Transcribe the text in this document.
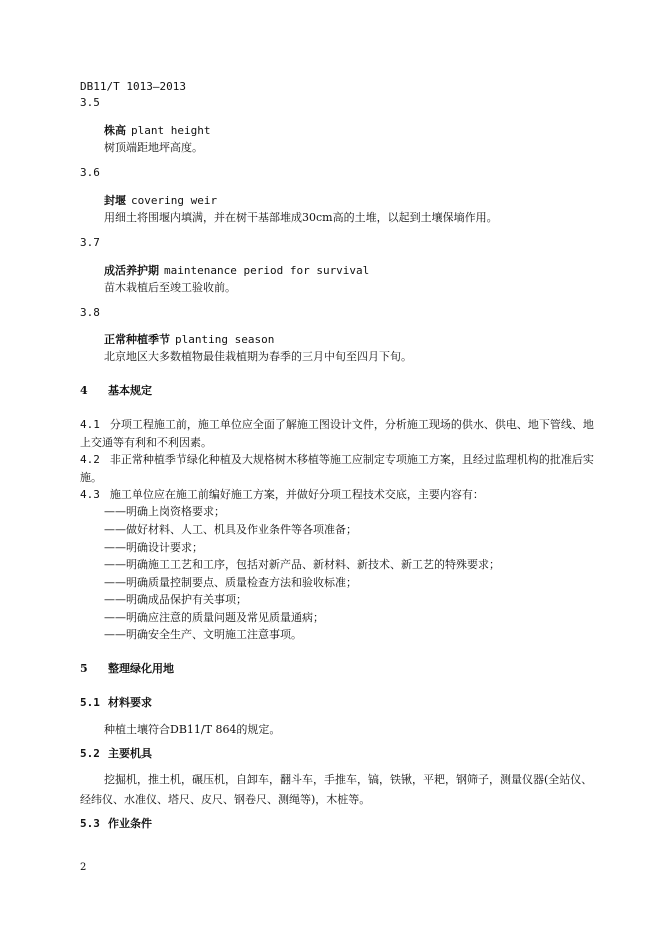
DB11/T 1013—2013
3.5
株高 plant height
树顶端距地坪高度。
3.6
封堰 covering weir
用细土将围堰内填满，并在树干基部堆成30cm高的土堆，以起到土壤保墒作用。
3.7
成活养护期 maintenance period for survival
苗木栽植后至竣工验收前。
3.8
正常种植季节 planting season
北京地区大多数植物最佳栽植期为春季的三月中旬至四月下旬。
4 基本规定
4.1 分项工程施工前，施工单位应全面了解施工图设计文件，分析施工现场的供水、供电、地下管线、地上交通等有利和不利因素。
4.2 非正常种植季节绿化种植及大规格树木移植等施工应制定专项施工方案，且经过监理机构的批准后实施。
4.3 施工单位应在施工前编好施工方案，并做好分项工程技术交底，主要内容有：
——明确上岗资格要求；
——做好材料、人工、机具及作业条件等各项准备；
——明确设计要求；
——明确施工工艺和工序，包括对新产品、新材料、新技术、新工艺的特殊要求；
——明确质量控制要点、质量检查方法和验收标准；
——明确成品保护有关事项；
——明确应注意的质量问题及常见质量通病；
——明确安全生产、文明施工注意事项。
5 整理绿化用地
5.1 材料要求
种植土壤符合DB11/T 864的规定。
5.2 主要机具
挖掘机，推土机，碾压机，自卸车，翻斗车，手推车，镐，铁锹，平耙，钢筛子，测量仪器(全站仪、经纬仪、水准仪、塔尺、皮尺、钢卷尺、测绳等)，木桩等。
5.3 作业条件
2
